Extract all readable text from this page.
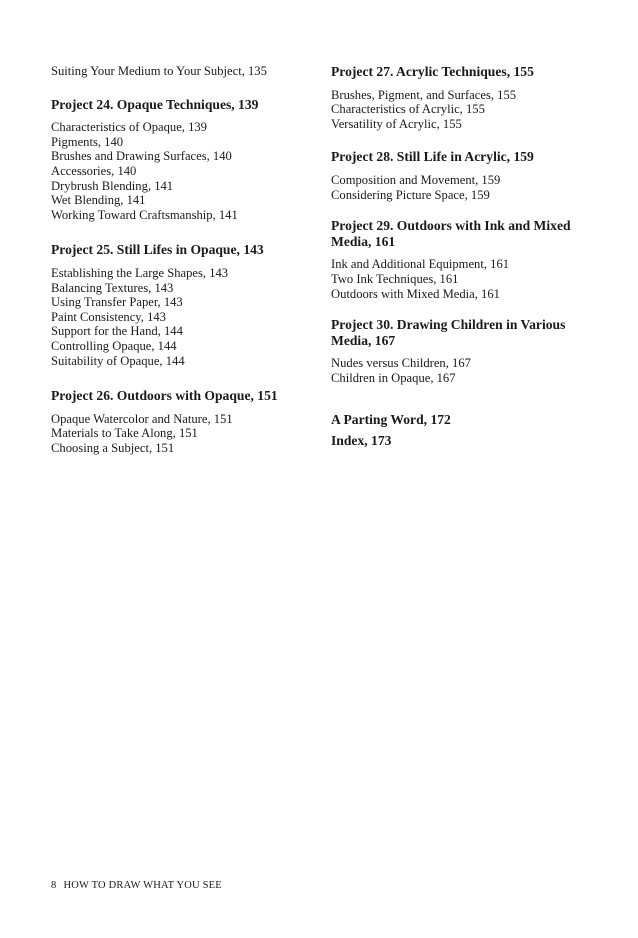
Suiting Your Medium to Your Subject, 135

Project 24. Opaque Techniques, 139

Characteristics of Opaque, 139

Pigments, 140

Brushes and Drawing Surfaces, 140

Accessories, 140

Drybrush Blending, 141

Wet Blending, 141

Working Toward Craftsmanship, 141

Project 25. Still Lifes in Opaque, 143

Establishing the Large Shapes, 143

Balancing Textures, 143

Using Transfer Paper, 143

Paint Consistency, 143

Support for the Hand, 144

Controlling Opaque, 144

Suitability of Opaque, 144

Project 26. Outdoors with Opaque, 151

Opaque Watercolor and Nature, 151

Materials to Take Along, 151

Choosing a Subject, 151

Project 27. Acrylic Techniques, 155

Brushes, Pigment, and Surfaces, 155

Characteristics of Acrylic, 155

Versatility of Acrylic, 155

Project 28. Still Life in Acrylic, 159

Composition and Movement, 159

Considering Picture Space, 159

Project 29. Outdoors with Ink and Mixed Media, 161

Ink and Additional Equipment, 161

Two Ink Techniques, 161

Outdoors with Mixed Media, 161

Project 30. Drawing Children in Various Media, 167

Nudes versus Children, 167

Children in Opaque, 167

A Parting Word, 172

Index, 173

8 HOW TO DRAW WHAT YOU SEE
